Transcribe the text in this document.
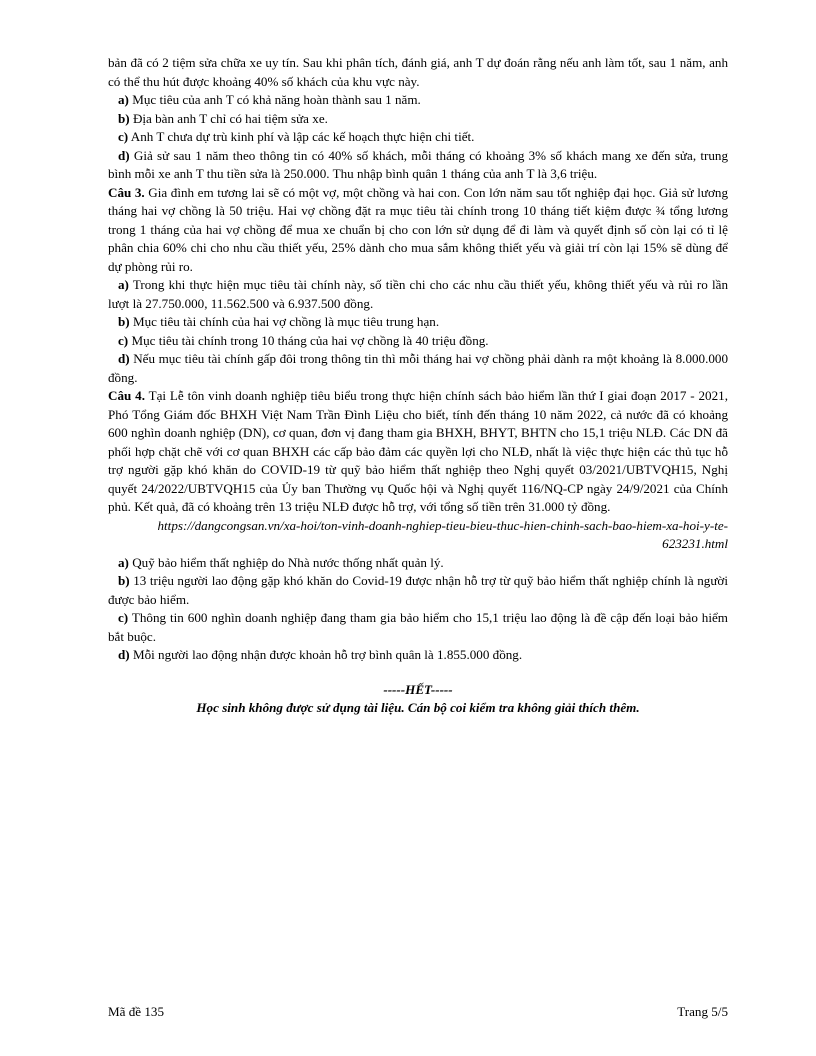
bản đã có 2 tiệm sửa chữa xe uy tín. Sau khi phân tích, đánh giá, anh T dự đoán rằng nếu anh làm tốt, sau 1 năm, anh có thể thu hút được khoảng 40% số khách của khu vực này.

a) Mục tiêu của anh T có khả năng hoàn thành sau 1 năm.

b) Địa bàn anh T chỉ có hai tiệm sửa xe.

c) Anh T chưa dự trù kinh phí và lập các kế hoạch thực hiện chi tiết.

d) Giả sử sau 1 năm theo thông tin có 40% số khách, mỗi tháng có khoảng 3% số khách mang xe đến sửa, trung bình mỗi xe anh T thu tiền sửa là 250.000. Thu nhập bình quân 1 tháng của anh T là 3,6 triệu.

Câu 3. Gia đình em tương lai sẽ có một vợ, một chồng và hai con. Con lớn năm sau tốt nghiệp đại học. Giả sử lương tháng hai vợ chồng là 50 triệu. Hai vợ chồng đặt ra mục tiêu tài chính trong 10 tháng tiết kiệm được ¾ tổng lương trong 1 tháng của hai vợ chồng để mua xe chuẩn bị cho con lớn sử dụng để đi làm và quyết định số còn lại có tỉ lệ phân chia 60% chi cho nhu cầu thiết yếu, 25% dành cho mua sắm không thiết yếu và giải trí còn lại 15% sẽ dùng để dự phòng rủi ro.

a) Trong khi thực hiện mục tiêu tài chính này, số tiền chi cho các nhu cầu thiết yếu, không thiết yếu và rủi ro lần lượt là 27.750.000, 11.562.500 và 6.937.500 đồng.

b) Mục tiêu tài chính của hai vợ chồng là mục tiêu trung hạn.

c) Mục tiêu tài chính trong 10 tháng của hai vợ chồng là 40 triệu đồng.

d) Nếu mục tiêu tài chính gấp đôi trong thông tin thì mỗi tháng hai vợ chồng phải dành ra một khoảng là 8.000.000 đồng.

Câu 4. Tại Lễ tôn vinh doanh nghiệp tiêu biểu trong thực hiện chính sách bảo hiểm lần thứ I giai đoạn 2017 - 2021, Phó Tổng Giám đốc BHXH Việt Nam Trần Đình Liệu cho biết, tính đến tháng 10 năm 2022, cả nước đã có khoảng 600 nghìn doanh nghiệp (DN), cơ quan, đơn vị đang tham gia BHXH, BHYT, BHTN cho 15,1 triệu NLĐ. Các DN đã phối hợp chặt chẽ với cơ quan BHXH các cấp bảo đảm các quyền lợi cho NLĐ, nhất là việc thực hiện các thủ tục hỗ trợ người gặp khó khăn do COVID-19 từ quỹ bảo hiểm thất nghiệp theo Nghị quyết 03/2021/UBTVQH15, Nghị quyết 24/2022/UBTVQH15 của Ủy ban Thường vụ Quốc hội và Nghị quyết 116/NQ-CP ngày 24/9/2021 của Chính phủ. Kết quả, đã có khoảng trên 13 triệu NLĐ được hỗ trợ, với tổng số tiền trên 31.000 tỷ đồng.

https://dangcongsan.vn/xa-hoi/ton-vinh-doanh-nghiep-tieu-bieu-thuc-hien-chinh-sach-bao-hiem-xa-hoi-y-te-623231.html

a) Quỹ bảo hiểm thất nghiệp do Nhà nước thống nhất quản lý.

b) 13 triệu người lao động gặp khó khăn do Covid-19 được nhận hỗ trợ từ quỹ bảo hiểm thất nghiệp chính là người được bảo hiểm.

c) Thông tin 600 nghìn doanh nghiệp đang tham gia bảo hiểm cho 15,1 triệu lao động là đề cập đến loại bảo hiểm bắt buộc.

d) Mỗi người lao động nhận được khoản hỗ trợ bình quân là 1.855.000 đồng.

-----HẾT-----

Học sinh không được sử dụng tài liệu. Cán bộ coi kiểm tra không giải thích thêm.

Mã đề 135	Trang 5/5
